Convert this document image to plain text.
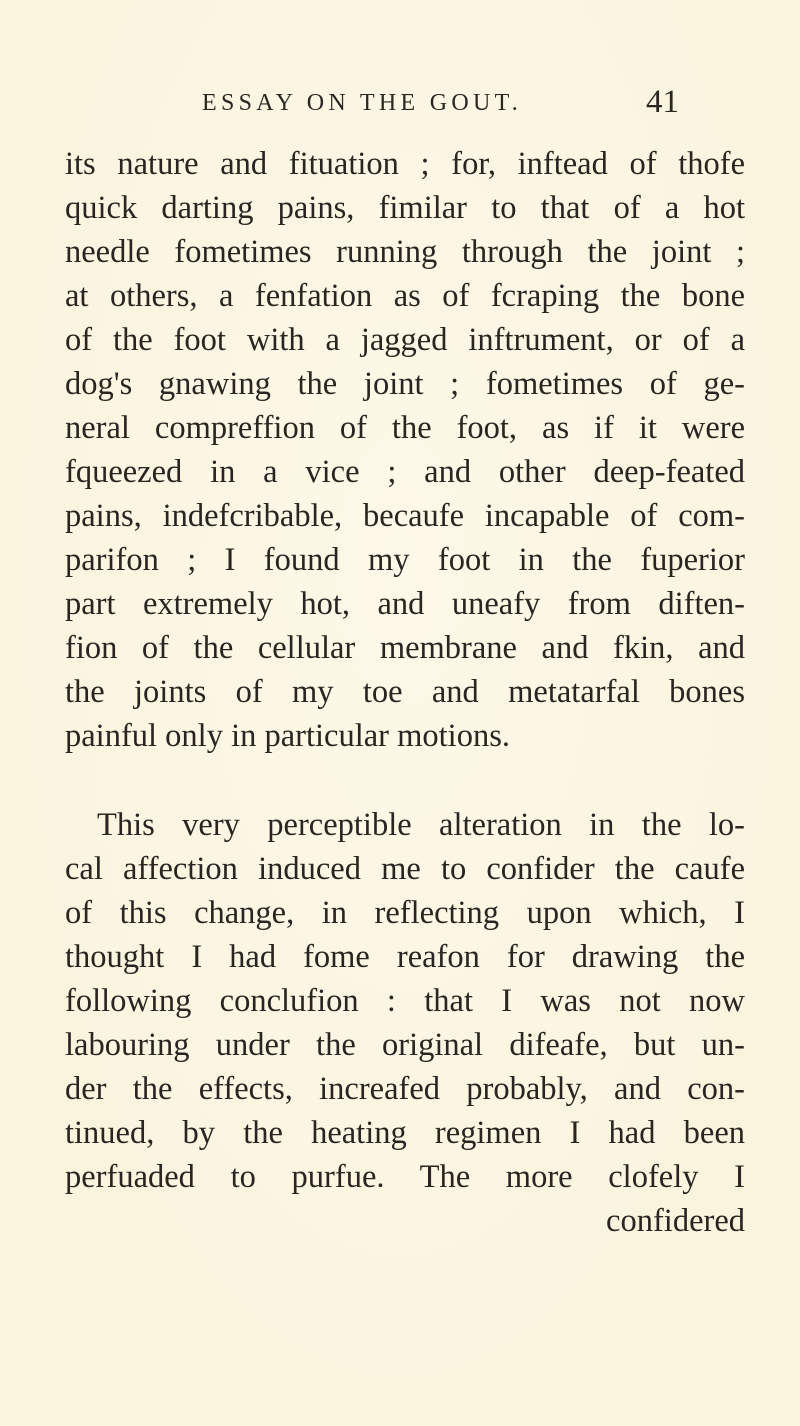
ESSAY ON THE GOUT.	41
its nature and fituation ; for, inftead of thofe
quick darting pains, fimilar to that of a hot
needle fometimes running through the joint ;
at others, a fenfation as of fcraping the bone
of the foot with a jagged inftrument, or of a
dog's gnawing the joint ; fometimes of ge-
neral compreffion of the foot, as if it were
fqueezed in a vice ; and other deep-feated
pains, indefcribable, becaufe incapable of com-
parifon ; I found my foot in the fuperior
part extremely hot, and uneafy from diften-
fion of the cellular membrane and fkin, and
the joints of my toe and metatarfal bones
painful only in particular motions.
This very perceptible alteration in the lo-
cal affection induced me to confider the caufe
of this change, in reflecting upon which, I
thought I had fome reafon for drawing the
following conclufion : that I was not now
labouring under the original difeafe, but un-
der the effects, increafed probably, and con-
tinued, by the heating regimen I had been
perfuaded to purfue. The more clofely I
confidered
